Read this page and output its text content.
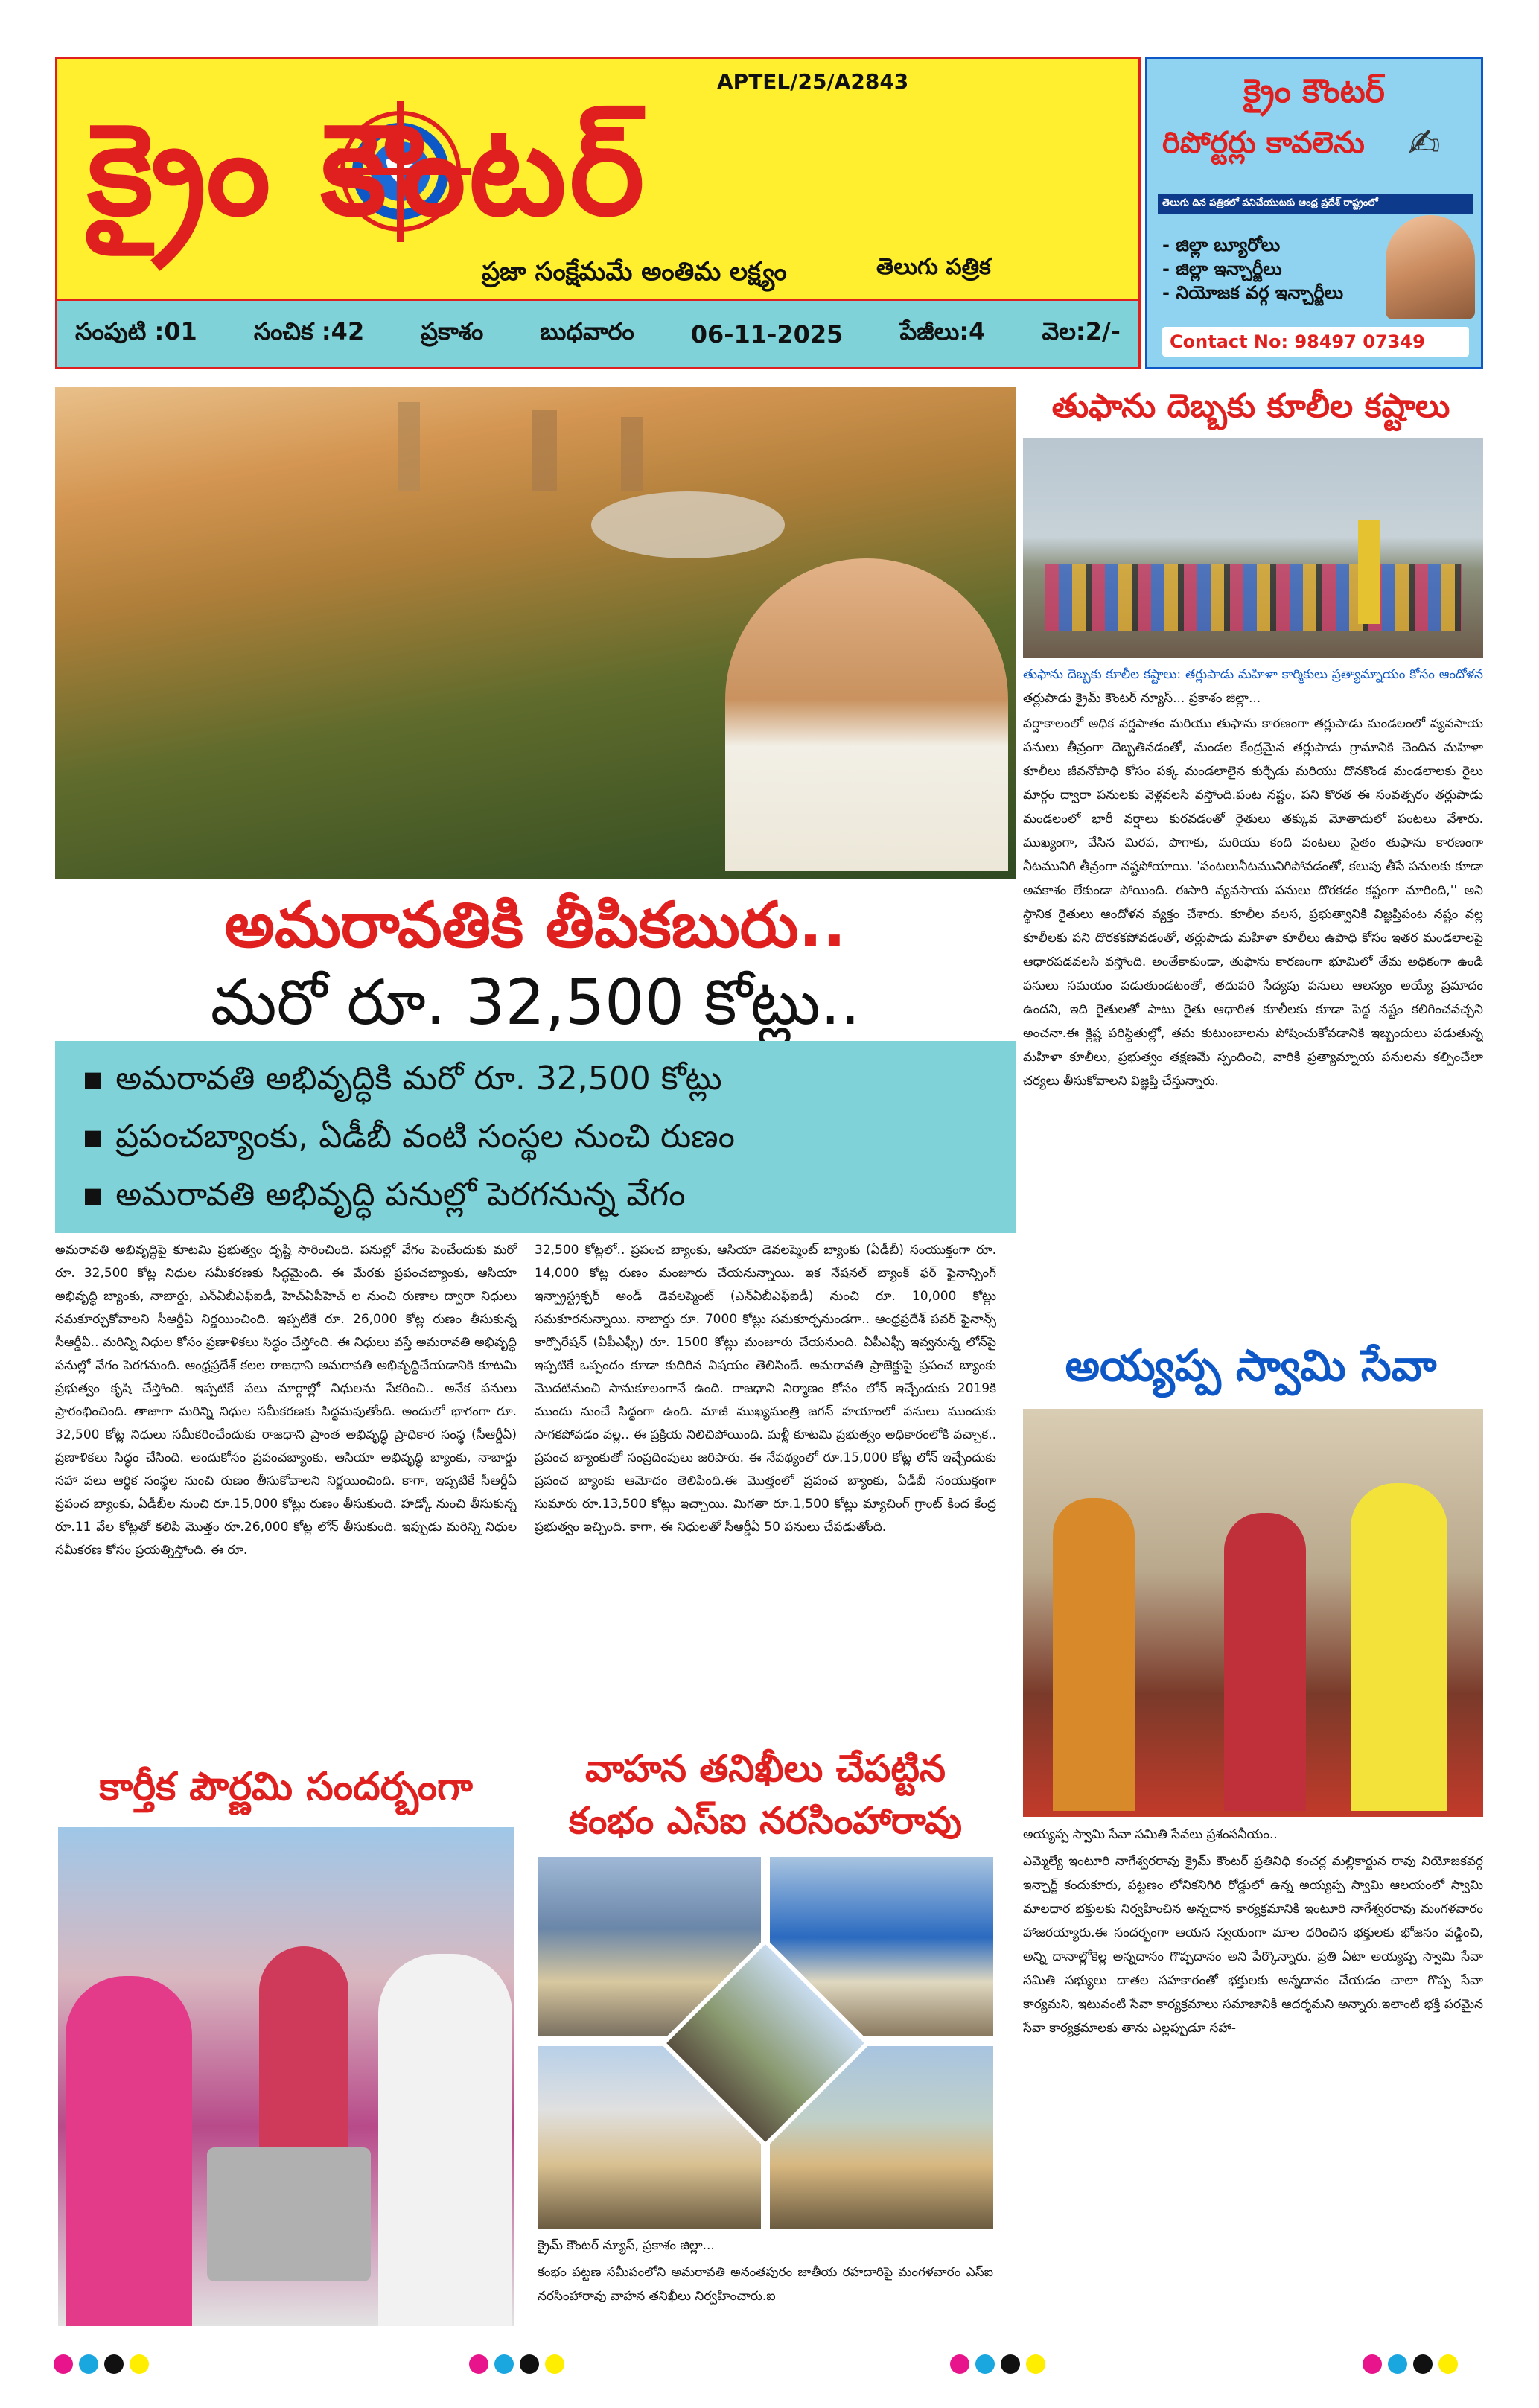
APTEL/25/A2843
క్రైం కౌంటర్
ప్రజా సంక్షేమమే అంతిమ లక్ష్యం	తెలుగు పత్రిక
సంపుటి :01 సంచిక :42 ప్రకాశం బుధవారం 06-11-2025 పేజీలు:4 వెల:2/-
క్రైం కౌంటర్
రిపోర్టర్లు కావలెను	✍
తెలుగు దిన పత్రికలో పనిచేయుటకు ఆంధ్ర ప్రదేశ్ రాష్ట్రంలో
- జిల్లా బ్యూరోలు
- జిల్లా ఇన్చార్జీలు
- నియోజక వర్గ ఇన్చార్జీలు
Contact No: 98497 07349
అమరావతికి తీపికబురు..
మరో రూ. 32,500 కోట్లు..
▪ అమరావతి అభివృద్ధికి మరో రూ. 32,500 కోట్లు
▪ ప్రపంచబ్యాంకు, ఏడీబీ వంటి సంస్థల నుంచి రుణం
▪ అమరావతి అభివృద్ధి పనుల్లో పెరగనున్న వేగం
అమరావతి అభివృద్ధిపై కూటమి ప్రభుత్వం దృష్టి సారించింది. పనుల్లో వేగం పెంచేందుకు మరో రూ. 32,500 కోట్ల నిధుల సమీకరణకు సిద్ధమైంది. ఈ మేరకు ప్రపంచబ్యాంకు, ఆసియా అభివృద్ధి బ్యాంకు, నాబార్డు, ఎన్ఏబీఎఫ్ఐడీ, హెచ్ఏపీహెచ్ ల నుంచి రుణాల ద్వారా నిధులు సమకూర్చుకోవాలని సీఆర్డీఏ నిర్ణయించింది. ఇప్పటికే రూ. 26,000 కోట్ల రుణం తీసుకున్న సీఆర్డీఏ.. మరిన్ని నిధుల కోసం ప్రణాళికలు సిద్ధం చేస్తోంది. ఈ నిధులు వస్తే అమరావతి అభివృద్ధి పనుల్లో వేగం పెరగనుంది. ఆంధ్రప్రదేశ్ కలల రాజధాని అమరావతి అభివృద్ధిచేయడానికి కూటమి ప్రభుత్వం కృషి చేస్తోంది. ఇప్పటికే పలు మార్గాల్లో నిధులను సేకరించి.. అనేక పనులు ప్రారంభించింది. తాజాగా మరిన్ని నిధుల సమీకరణకు సిద్ధమవుతోంది. అందులో భాగంగా రూ. 32,500 కోట్ల నిధులు సమీకరించేందుకు రాజధాని ప్రాంత అభివృద్ధి ప్రాధికార సంస్థ (సీఆర్డీఏ) ప్రణాళికలు సిద్ధం చేసింది. అందుకోసం ప్రపంచబ్యాంకు, ఆసియా అభివృద్ధి బ్యాంకు, నాబార్డు సహా పలు ఆర్థిక సంస్థల నుంచి రుణం తీసుకోవాలని నిర్ణయించింది. కాగా, ఇప్పటికే సీఆర్డీఏ ప్రపంచ బ్యాంకు, ఏడీబీల నుంచి రూ.15,000 కోట్లు రుణం తీసుకుంది. హడ్కో నుంచి తీసుకున్న రూ.11 వేల కోట్లతో కలిపి మొత్తం రూ.26,000 కోట్ల లోన్ తీసుకుంది. ఇప్పుడు మరిన్ని నిధుల సమీకరణ కోసం ప్రయత్నిస్తోంది. ఈ రూ.
32,500 కోట్లలో.. ప్రపంచ బ్యాంకు, ఆసియా డెవలప్మెంట్ బ్యాంకు (ఏడీబీ) సంయుక్తంగా రూ. 14,000 కోట్ల రుణం మంజూరు చేయనున్నాయి. ఇక నేషనల్ బ్యాంక్ ఫర్ ఫైనాన్సింగ్ ఇన్ఫ్రాస్ట్రక్చర్ అండ్ డెవలప్మెంట్ (ఎన్ఏబీఎఫ్ఐడీ) నుంచి రూ. 10,000 కోట్లు సమకూరనున్నాయి. నాబార్డు రూ. 7000 కోట్లు సమకూర్చనుండగా.. ఆంధ్రప్రదేశ్ పవర్ ఫైనాన్స్ కార్పొరేషన్ (ఏపీఎఫ్సీ) రూ. 1500 కోట్లు మంజూరు చేయనుంది. ఏపీఎఫ్సీ ఇవ్వనున్న లోన్‌పై ఇప్పటికే ఒప్పందం కూడా కుదిరిన విషయం తెలిసిందే. అమరావతి ప్రాజెక్టుపై ప్రపంచ బ్యాంకు మొదటినుంచి సానుకూలంగానే ఉంది. రాజధాని నిర్మాణం కోసం లోన్ ఇచ్చేందుకు 2019కి ముందు నుంచే సిద్ధంగా ఉంది. మాజీ ముఖ్యమంత్రి జగన్ హయాంలో పనులు ముందుకు సాగకపోవడం వల్ల.. ఈ ప్రక్రియ నిలిచిపోయింది. మళ్లీ కూటమి ప్రభుత్వం అధికారంలోకి వచ్చాక.. ప్రపంచ బ్యాంకుతో సంప్రదింపులు జరిపారు. ఈ నేపథ్యంలో రూ.15,000 కోట్ల లోన్ ఇచ్చేందుకు ప్రపంచ బ్యాంకు ఆమోదం తెలిపింది.ఈ మొత్తంలో ప్రపంచ బ్యాంకు, ఏడీబీ సంయుక్తంగా సుమారు రూ.13,500 కోట్లు ఇచ్చాయి. మిగతా రూ.1,500 కోట్లు మ్యాచింగ్ గ్రాంట్ కింద కేంద్ర ప్రభుత్వం ఇచ్చింది. కాగా, ఈ నిధులతో సీఆర్డీఏ 50 పనులు చేపడుతోంది.
తుఫాను దెబ్బకు కూలీల కష్టాలు
తుఫాను దెబ్బకు కూలీల కష్టాలు: తర్లుపాడు మహిళా కార్మికులు ప్రత్యామ్నాయం కోసం ఆందోళన తర్లుపాడు క్రైమ్ కౌంటర్ న్యూస్... ప్రకాశం జిల్లా...
వర్షాకాలంలో అధిక వర్షపాతం మరియు తుఫాను కారణంగా తర్లుపాడు మండలంలో వ్యవసాయ పనులు తీవ్రంగా దెబ్బతినడంతో, మండల కేంద్రమైన తర్లుపాడు గ్రామానికి చెందిన మహిళా కూలీలు జీవనోపాధి కోసం పక్క మండలాలైన కుర్చేడు మరియు దొనకొండ మండలాలకు రైలు మార్గం ద్వారా పనులకు వెళ్లవలసి వస్తోంది.పంట నష్టం, పని కొరత ఈ సంవత్సరం తర్లుపాడు మండలంలో భారీ వర్షాలు కురవడంతో రైతులు తక్కువ మోతాదులో పంటలు వేశారు. ముఖ్యంగా, వేసిన మిరప, పొగాకు, మరియు కంది పంటలు సైతం తుఫాను కారణంగా నీటమునిగి తీవ్రంగా నష్టపోయాయి. 'పంటలునీటమునిగిపోవడంతో, కలుపు తీసే పనులకు కూడా అవకాశం లేకుండా పోయింది. ఈసారి వ్యవసాయ పనులు దొరకడం కష్టంగా మారింది,'' అని స్థానిక రైతులు ఆందోళన వ్యక్తం చేశారు. కూలీల వలస, ప్రభుత్వానికి విజ్ఞప్తిపంట నష్టం వల్ల కూలీలకు పని దొరకకపోవడంతో, తర్లుపాడు మహిళా కూలీలు ఉపాధి కోసం ఇతర మండలాలపై ఆధారపడవలసి వస్తోంది. అంతేకాకుండా, తుఫాను కారణంగా భూమిలో తేమ అధికంగా ఉండి పనులు సమయం పడుతుండటంతో, తదుపరి సేద్యపు పనులు ఆలస్యం అయ్యే ప్రమాదం ఉందని, ఇది రైతులతో పాటు రైతు ఆధారిత కూలీలకు కూడా పెద్ద నష్టం కలిగించవచ్చని అంచనా.ఈ క్లిష్ట పరిస్థితుల్లో, తమ కుటుంబాలను పోషించుకోవడానికి ఇబ్బందులు పడుతున్న మహిళా కూలీలు, ప్రభుత్వం తక్షణమే స్పందించి, వారికి ప్రత్యామ్నాయ పనులను కల్పించేలా చర్యలు తీసుకోవాలని విజ్ఞప్తి చేస్తున్నారు.
అయ్యప్ప స్వామి సేవా
అయ్యప్ప స్వామి సేవా సమితి సేవలు ప్రశంసనీయం..
ఎమ్మెల్యే ఇంటూరి నాగేశ్వరరావు క్రైమ్ కౌంటర్ ప్రతినిధి కంచర్ల మల్లికార్జున రావు నియోజకవర్గ ఇన్చార్జ్ కందుకూరు, పట్టణం లోనికనిగిరి రోడ్డులో ఉన్న అయ్యప్ప స్వామి ఆలయంలో స్వామి మాలధార భక్తులకు నిర్వహించిన అన్నదాన కార్యక్రమానికి ఇంటూరి నాగేశ్వరరావు మంగళవారం హాజరయ్యారు.ఈ సందర్భంగా ఆయన స్వయంగా మాల ధరించిన భక్తులకు భోజనం వడ్డించి, అన్ని దానాల్లోకెల్ల అన్నదానం గొప్పదానం అని పేర్కొన్నారు. ప్రతి ఏటా అయ్యప్ప స్వామి సేవా సమితి సభ్యులు దాతల సహకారంతో భక్తులకు అన్నదానం చేయడం చాలా గొప్ప సేవా కార్యమని, ఇటువంటి సేవా కార్యక్రమాలు సమాజానికి ఆదర్శమని అన్నారు.ఇలాంటి భక్తి పరమైన సేవా కార్యక్రమాలకు తాను ఎల్లప్పుడూ సహా-
కార్తీక పౌర్ణమి సందర్బంగా	వాహన తనిఖీలు చేపట్టిన
కంభం ఎస్ఐ నరసింహారావు
క్రైమ్ కౌంటర్ న్యూస్, ప్రకాశం జిల్లా...
కంభం పట్టణ సమీపంలోని అమరావతి అనంతపురం జాతీయ రహదారిపై మంగళవారం ఎస్ఐ నరసింహారావు వాహన తనిఖీలు నిర్వహించారు.ఐ
